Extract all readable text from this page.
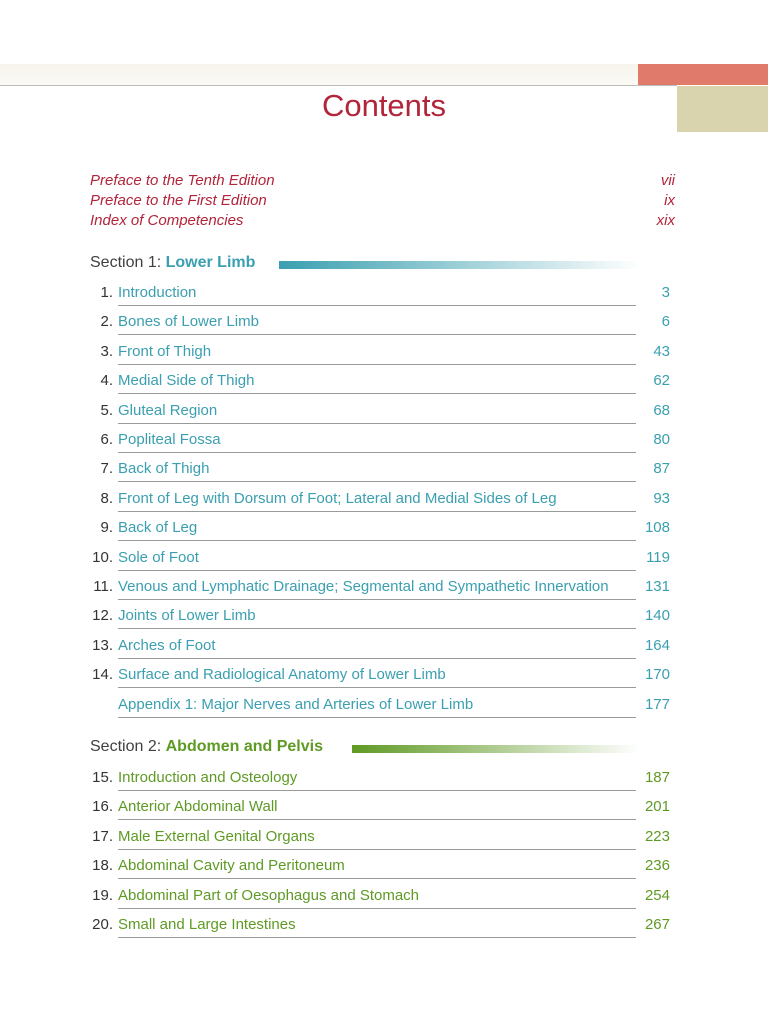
Contents
Preface to the Tenth Edition	vii
Preface to the First Edition	ix
Index of Competencies	xix
Section 1: Lower Limb
1. Introduction	3
2. Bones of Lower Limb	6
3. Front of Thigh	43
4. Medial Side of Thigh	62
5. Gluteal Region	68
6. Popliteal Fossa	80
7. Back of Thigh	87
8. Front of Leg with Dorsum of Foot; Lateral and Medial Sides of Leg	93
9. Back of Leg	108
10. Sole of Foot	119
11. Venous and Lymphatic Drainage; Segmental and Sympathetic Innervation 131
12. Joints of Lower Limb	140
13. Arches of Foot	164
14. Surface and Radiological Anatomy of Lower Limb	170
Appendix 1: Major Nerves and Arteries of Lower Limb	177
Section 2: Abdomen and Pelvis
15. Introduction and Osteology	187
16. Anterior Abdominal Wall	201
17. Male External Genital Organs	223
18. Abdominal Cavity and Peritoneum	236
19. Abdominal Part of Oesophagus and Stomach	254
20. Small and Large Intestines	267
